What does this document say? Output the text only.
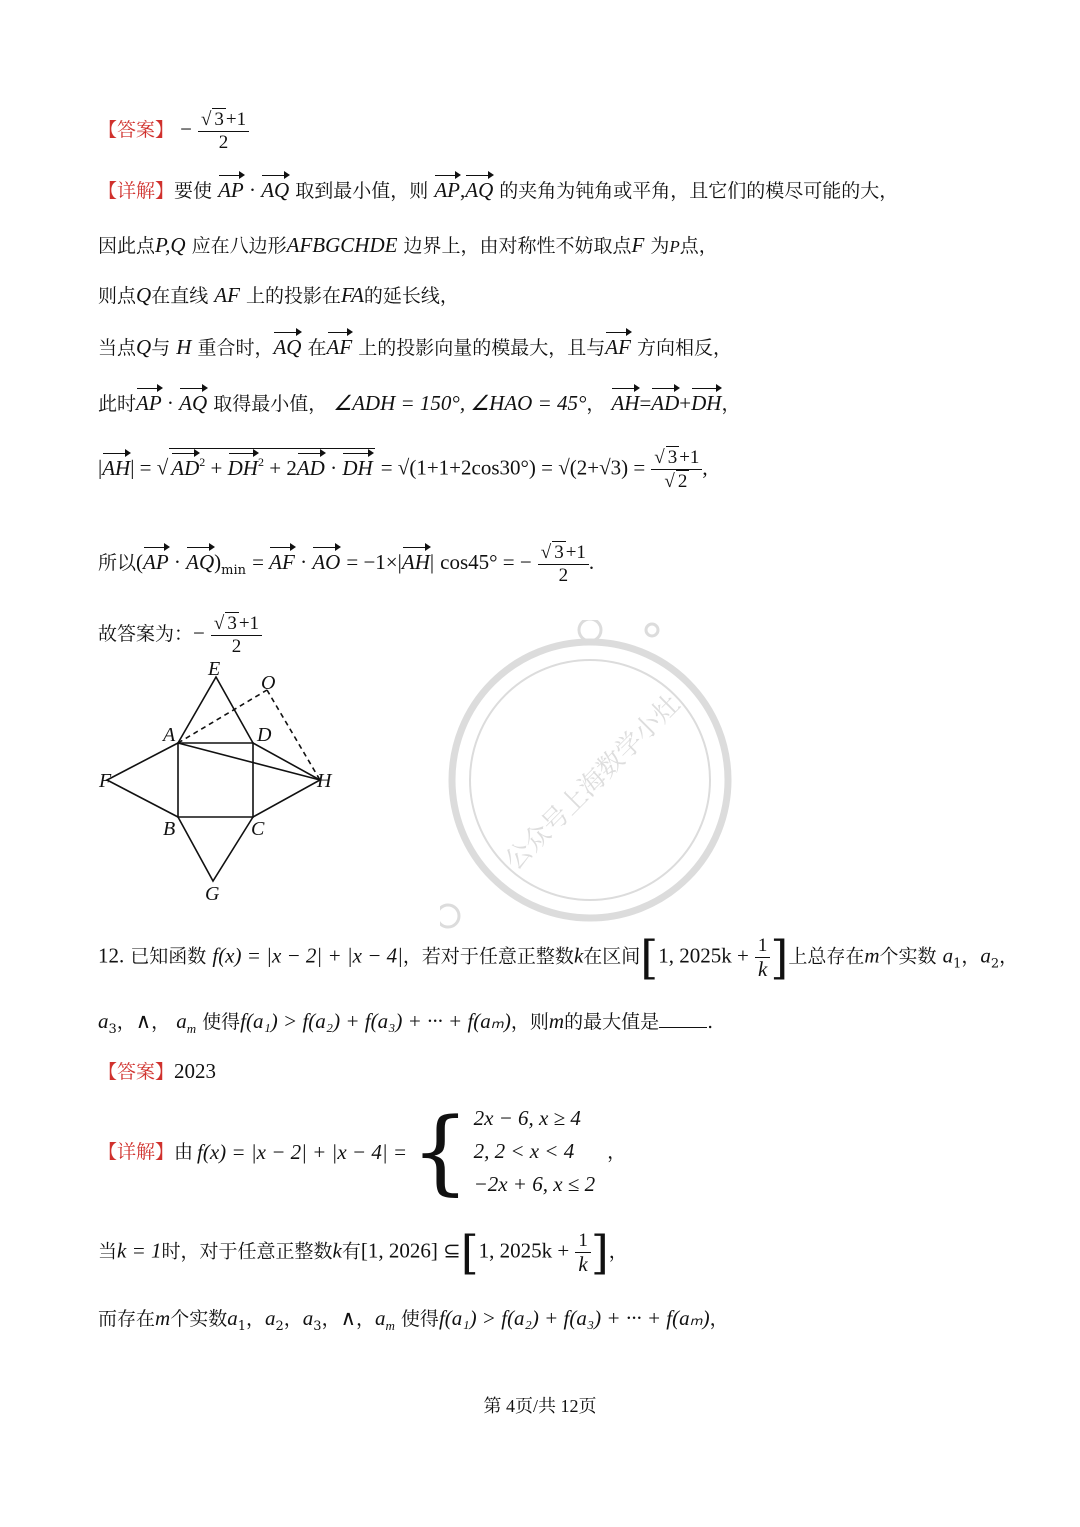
【答案】 − $\frac{√ 3 +1}{2}$
【详解】要使 AP · AQ 取到最小值，则 AP,AQ 的夹角为钝角或平角，且它们的模尽可能的大，
因此点P,Q 应在八边形AFBGCHDE 边界上，由对称性不妨取点F 为P点，
则点Q在直线 AF 上的投影在FA的延长线，
当点Q与 H 重合时，AQ 在AF 上的投影向量的模最大，且与AF 方向相反，
此时AP · AQ 取得最小值， ∠ADH = 150°, ∠HAO = 45°， AH=AD+DH，
|AH| = √ $AD^2 + DH^2 + 2AD$ · DH = $√(1+1+2\cos 30^\circ) = √(2+√3) = \frac{√ 3 +1}{√ 2}$ ,
所以$(AP \cdot AQ)_{min}$ = AF · AO = −1×|AH| cos45° = − $\frac{√ 3 +1}{2}$ .
故答案为：− $\frac{√ 3 +1}{2}$
E
O
A	D
F	H
B	C
G
公众号上海数学小灶
12. 已知函数 f(x) = |x − 2| + |x − 4|，若对于任意正整数k在区间[1, $2025k + \frac{1}{k}$ ]上总存在m个实数 $a_1$，$a_2$，
$a_3$，∧， $a_m$ 使得f(a₁) > f(a₂) + f(a₃) + ··· + f(aₘ)，则m的最大值是	.
【答案】2023
【详解】 由 f(x) = |x − 2| + |x − 4| = { 2x − 6, x ≥ 4
2, 2 < x < 4
−2x + 6, x ≤ 2
，
当k = 1时，对于任意正整数k有[1, 2026] ⊆[1, $2025k + \frac{1}{k}$ ]，
而存在m个实数$a_1$，$a_2$，$a_3$，∧，$a_m$ 使得f(a₁) > f(a₂) + f(a₃) + ··· + f(aₘ)，
第 4页/共 12页
